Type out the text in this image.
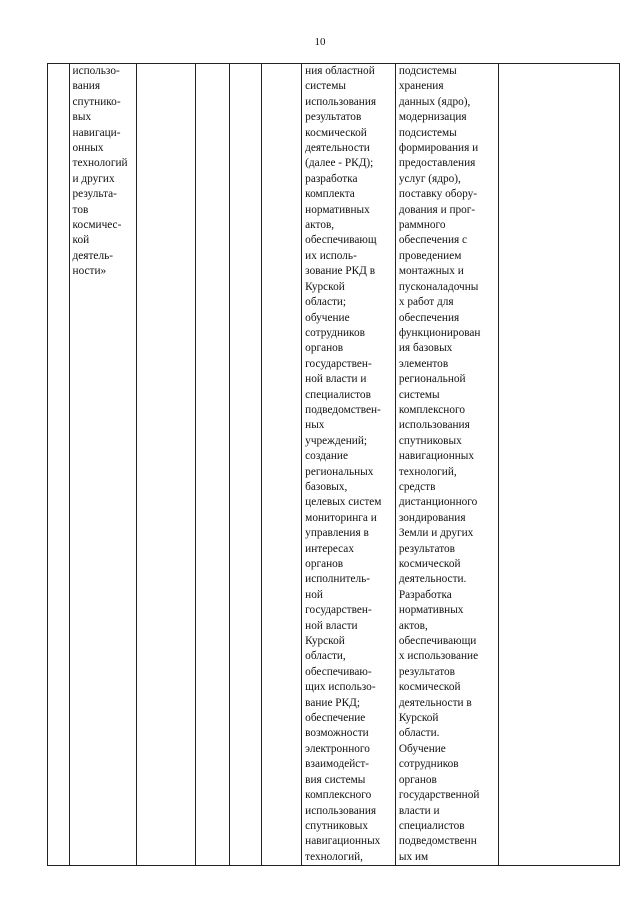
10
	использо-
вания
спутнико-
вых
навигаци-
онных
технологий
и других
результа-
тов
космичес-
кой
деятель-
ности»					ния областной
системы
использования
результатов
космической
деятельности
(далее - РКД);
разработка
комплекта
нормативных
актов,
обеспечивающ
их исполь-
зование РКД в
Курской
области;
обучение
сотрудников
органов
государствен-
ной власти и
специалистов
подведомствен-
ных
учреждений;
создание
региональных
базовых,
целевых систем
мониторинга и
управления в
интересах
органов
исполнитель-
ной
государствен-
ной власти
Курской
области,
обеспечиваю-
щих использо-
вание РКД;
обеспечение
возможности
электронного
взаимодейст-
вия системы
комплексного
использования
спутниковых
навигационных
технологий,	подсистемы
хранения
данных (ядро),
модернизация
подсистемы
формирования и
предоставления
услуг (ядро),
поставку обору-
дования и прог-
раммного
обеспечения с
проведением
монтажных и
пусконаладочны
х работ для
обеспечения
функционирован
ия базовых
элементов
региональной
системы
комплексного
использования
спутниковых
навигационных
технологий,
средств
дистанционного
зондирования
Земли и других
результатов
космической
деятельности.
Разработка
нормативных
актов,
обеспечивающи
х использование
результатов
космической
деятельности в
Курской
области.
Обучение
сотрудников
органов
государственной
власти и
специалистов
подведомственн
ых им	
